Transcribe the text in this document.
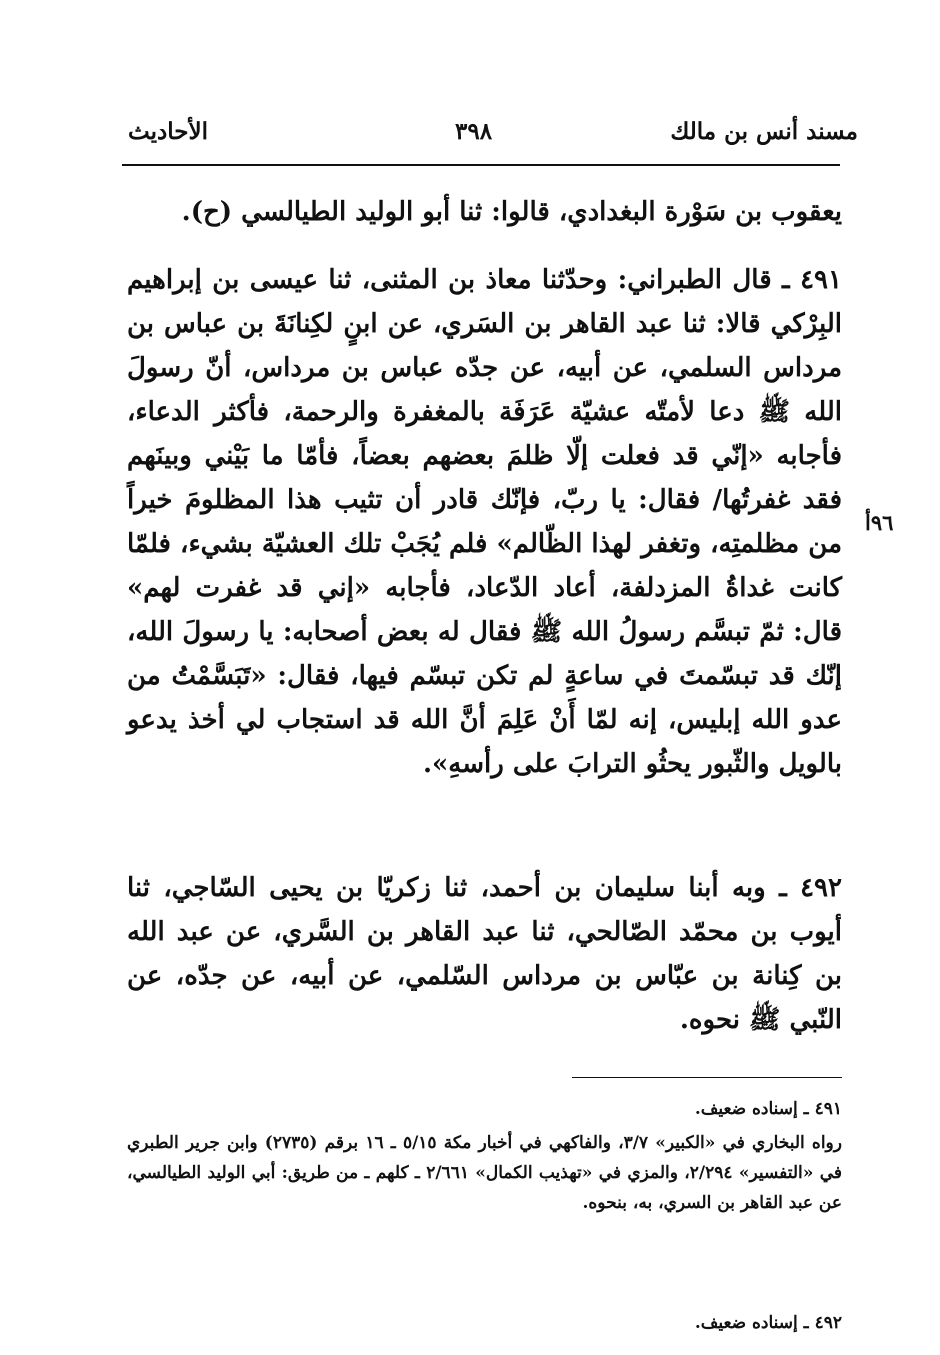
مسند أنس بن مالك
٣٩٨
الأحاديث

يعقوب بن سَوْرة البغدادي، قالوا: ثنا أبو الوليد الطيالسي (ح).

٤٩١ ـ قال الطبراني: وحدّثنا معاذ بن المثنى، ثنا عيسى بن إبراهيم البِرْكي قالا: ثنا عبد القاهر بن السَري، عن ابنٍ لكِنانَةَ بن عباس بن مرداس السلمي، عن أبيه، عن جدّه عباس بن مرداس، أنّ رسولَ الله ﷺ دعا لأمتّه عشيّة عَرَفَة بالمغفرة والرحمة، فأكثر الدعاء، فأجابه «إنّي قد فعلت إلّا ظلمَ بعضهم بعضاً، فأمّا ما بَيْني وبينَهم فقد غفرتُها/ فقال: يا ربّ، فإنّك قادر أن تثيب هذا المظلومَ خيراً من مظلمتِه، وتغفر لهذا الظّالم» فلم يُجَبْ تلك العشيّة بشيء، فلمّا كانت غداةُ المزدلفة، أعاد الدّعاد، فأجابه «إني قد غفرت لهم» قال: ثمّ تبسَّم رسولُ الله ﷺ فقال له بعض أصحابه: يا رسولَ الله، إنّك قد تبسّمتَ في ساعةٍ لم تكن تبسّم فيها، فقال: «تَبَسَّمْتُ من عدو الله إبليس، إنه لمّا أَنْ عَلِمَ أنَّ الله قد استجاب لي أخذ يدعو بالويل والثّبور يحثُو الترابَ على رأسهِ».

٤٩٢ ـ وبه أبنا سليمان بن أحمد، ثنا زكريّا بن يحيى السّاجي، ثنا أيوب بن محمّد الصّالحي، ثنا عبد القاهر بن السَّري، عن عبد الله بن كِنانة بن عبّاس بن مرداس السّلمي، عن أبيه، عن جدّه، عن النّبي ﷺ نحوه.

٩٦أ

٤٩١ ـ إسناده ضعيف.

رواه البخاري في «الكبير» ٣/٧، والفاكهي في أخبار مكة ٥/١٥ ـ ١٦ برقم (٢٧٣٥) وابن جرير الطبري في «التفسير» ٢/٢٩٤، والمزي في «تهذيب الكمال» ٢/٦٦١ ـ كلهم ـ من طريق: أبي الوليد الطيالسي، عن عبد القاهر بن السري، به، بنحوه.

٤٩٢ ـ إسناده ضعيف.
